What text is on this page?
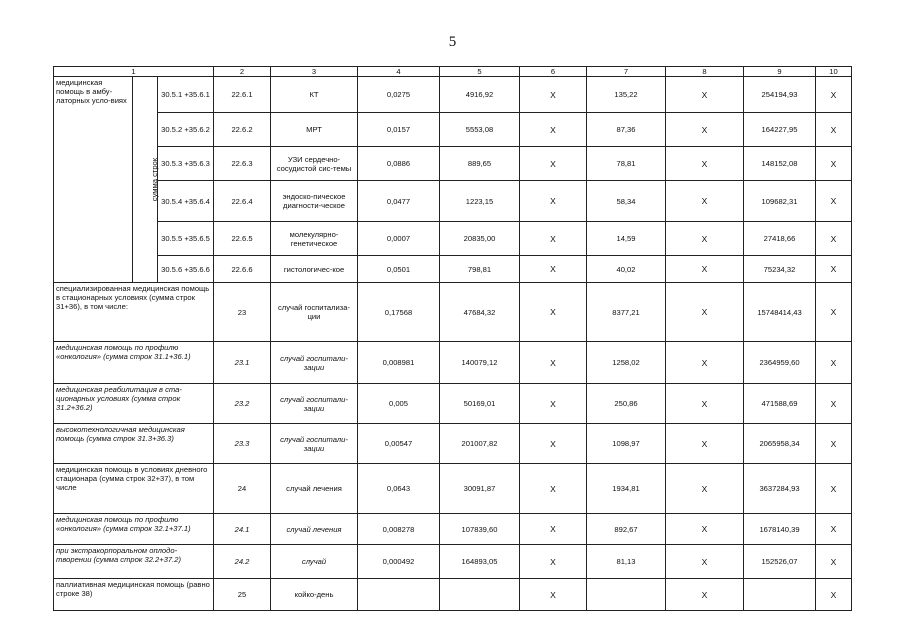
5
1			2	3	4	5	6	7	8	9	10
медицинская помощь в амбу-латорных усло-виях	сумма строк	30.5.1 +35.6.1	22.6.1	КТ	0,0275	4916,92	Х	135,22	Х	254194,93	Х
		30.5.2 +35.6.2	22.6.2	МРТ	0,0157	5553,08	Х	87,36	Х	164227,95	Х
		30.5.3 +35.6.3	22.6.3	УЗИ сердечно-сосудистой сис-темы	0,0886	889,65	Х	78,81	Х	148152,08	Х
		30.5.4 +35.6.4	22.6.4	эндоско-пическое диагности-ческое	0,0477	1223,15	Х	58,34	Х	109682,31	Х
		30.5.5 +35.6.5	22.6.5	молекулярно-генетическое	0,0007	20835,00	Х	14,59	Х	27418,66	Х
		30.5.6 +35.6.6	22.6.6	гистологичес-кое	0,0501	798,81	Х	40,02	Х	75234,32	Х
специализированная медицинская помощь в стационарных условиях (сумма строк 31+36), в том числе:			23	случай госпитализа-ции	0,17568	47684,32	Х	8377,21	Х	15748414,43	Х
медицинская помощь по профилю «онкология» (сумма строк 31.1+36.1)			23.1	случай госпитали-зации	0,008981	140079,12	Х	1258,02	Х	2364959,60	Х
медицинская реабилитация в ста-ционарных условиях (сумма строк 31.2+36.2)			23.2	случай госпитали-зации	0,005	50169,01	Х	250,86	Х	471588,69	Х
высокотехнологичная медицинская помощь (сумма строк 31.3+36.3)			23.3	случай госпитали-зации	0,00547	201007,82	Х	1098,97	Х	2065958,34	Х
медицинская помощь в условиях дневного стационара (сумма строк 32+37), в том числе			24	случай лечения	0,0643	30091,87	Х	1934,81	Х	3637284,93	Х
медицинская помощь по профилю «онкология» (сумма строк 32.1+37.1)			24.1	случай лечения	0,008278	107839,60	Х	892,67	Х	1678140,39	Х
при экстракорпоральном оплодо-творении (сумма строк 32.2+37.2)			24.2	случай	0,000492	164893,05	Х	81,13	Х	152526,07	Х
паллиативная медицинская помощь (равно строке 38)			25	койко-день			Х		Х		Х
